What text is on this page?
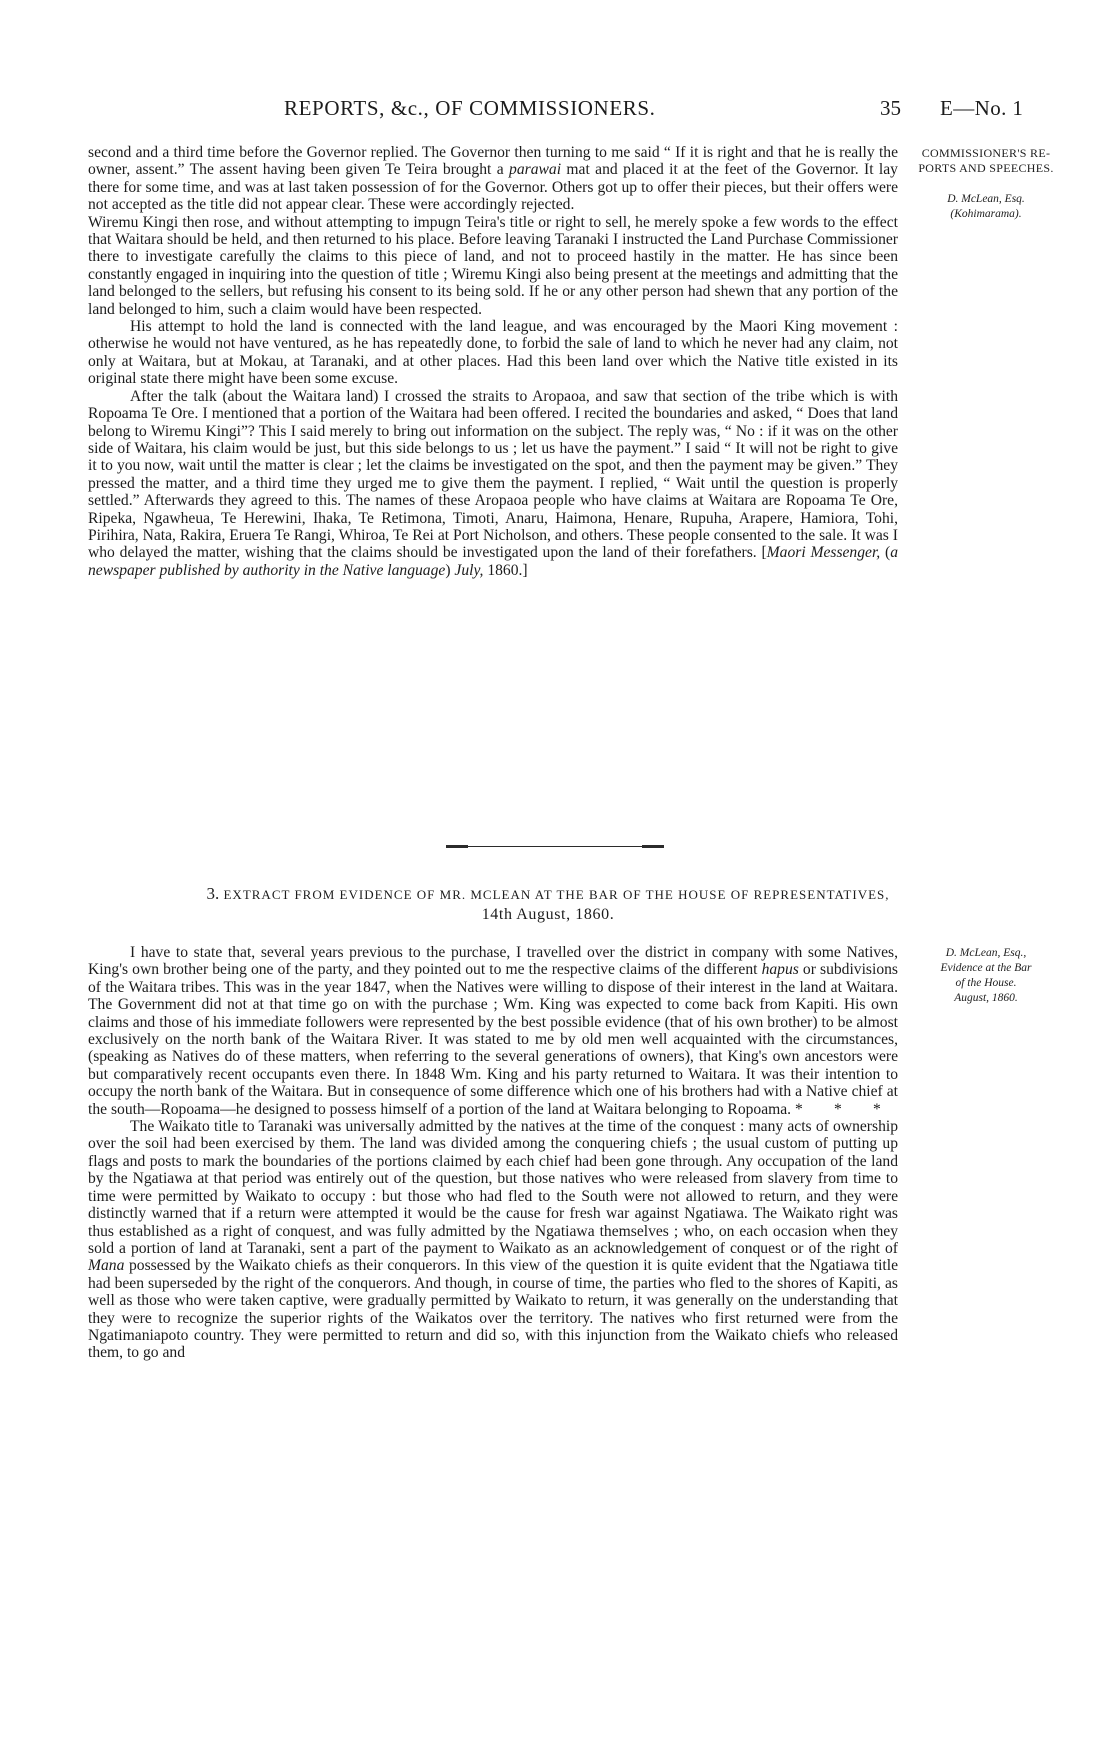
REPORTS, &c., OF COMMISSIONERS.	35 E—No. 1
COMMISSIONER'S RE- PORTS AND SPEECHES.
D. McLean, Esq.
(Kohimarama).

second and a third time before the Governor replied. The Governor then turning to me said “ If it is right and that he is really the owner, assent.” The assent having been given Te Teira brought a parawai mat and placed it at the feet of the Governor. It lay there for some time, and was at last taken possession of for the Governor. Others got up to offer their pieces, but their offers were not accepted as the title did not appear clear. These were accordingly rejected.

Wiremu Kingi then rose, and without attempting to impugn Teira's title or right to sell, he merely spoke a few words to the effect that Waitara should be held, and then returned to his place. Before leaving Taranaki I instructed the Land Purchase Commissioner there to investigate carefully the claims to this piece of land, and not to proceed hastily in the matter. He has since been constantly engaged in inquiring into the question of title ; Wiremu Kingi also being present at the meetings and admitting that the land belonged to the sellers, but refusing his consent to its being sold. If he or any other person had shewn that any portion of the land belonged to him, such a claim would have been respected.

His attempt to hold the land is connected with the land league, and was encouraged by the Maori King movement : otherwise he would not have ventured, as he has repeatedly done, to forbid the sale of land to which he never had any claim, not only at Waitara, but at Mokau, at Taranaki, and at other places. Had this been land over which the Native title existed in its original state there might have been some excuse.

After the talk (about the Waitara land) I crossed the straits to Aropaoa, and saw that section of the tribe which is with Ropoama Te Ore. I mentioned that a portion of the Waitara had been offered. I recited the boundaries and asked, “ Does that land belong to Wiremu Kingi”? This I said merely to bring out information on the subject. The reply was, “ No : if it was on the other side of Waitara, his claim would be just, but this side belongs to us ; let us have the payment.” I said “ It will not be right to give it to you now, wait until the matter is clear ; let the claims be investigated on the spot, and then the payment may be given.” They pressed the matter, and a third time they urged me to give them the payment. I replied, “ Wait until the question is properly settled.” Afterwards they agreed to this. The names of these Aropaoa people who have claims at Waitara are Ropoama Te Ore, Ripeka, Ngawheua, Te Herewini, Ihaka, Te Retimona, Timoti, Anaru, Haimona, Henare, Rupuha, Arapere, Hamiora, Tohi, Pirihira, Nata, Rakira, Eruera Te Rangi, Whiroa, Te Rei at Port Nicholson, and others. These people consented to the sale. It was I who delayed the matter, wishing that the claims should be investigated upon the land of their forefathers. [Maori Messenger, (a newspaper published by authority in the Native language) July, 1860.]

3. EXTRACT FROM EVIDENCE OF MR. MCLEAN AT THE BAR OF THE HOUSE OF REPRESENTATIVES,
14th August, 1860.
D. McLean, Esq.,
Evidence at the Bar
of the House.
August, 1860.

I have to state that, several years previous to the purchase, I travelled over the district in company with some Natives, King's own brother being one of the party, and they pointed out to me the respective claims of the different hapus or subdivisions of the Waitara tribes. This was in the year 1847, when the Natives were willing to dispose of their interest in the land at Waitara. The Government did not at that time go on with the purchase ; Wm. King was expected to come back from Kapiti. His own claims and those of his immediate followers were represented by the best possible evidence (that of his own brother) to be almost exclusively on the north bank of the Waitara River. It was stated to me by old men well acquainted with the circumstances, (speaking as Natives do of these matters, when referring to the several generations of owners), that King's own ancestors were but comparatively recent occupants even there. In 1848 Wm. King and his party returned to Waitara. It was their intention to occupy the north bank of the Waitara. But in consequence of some difference which one of his brothers had with a Native chief at the south—Ropoama—he designed to possess himself of a portion of the land at Waitara belonging to Ropoama. *        *        *

The Waikato title to Taranaki was universally admitted by the natives at the time of the conquest : many acts of ownership over the soil had been exercised by them. The land was divided among the conquering chiefs ; the usual custom of putting up flags and posts to mark the boundaries of the portions claimed by each chief had been gone through. Any occupation of the land by the Ngatiawa at that period was entirely out of the question, but those natives who were released from slavery from time to time were permitted by Waikato to occupy : but those who had fled to the South were not allowed to return, and they were distinctly warned that if a return were attempted it would be the cause for fresh war against Ngatiawa. The Waikato right was thus established as a right of conquest, and was fully admitted by the Ngatiawa themselves ; who, on each occasion when they sold a portion of land at Taranaki, sent a part of the payment to Waikato as an acknowledgement of conquest or of the right of Mana possessed by the Waikato chiefs as their conquerors. In this view of the question it is quite evident that the Ngatiawa title had been superseded by the right of the conquerors. And though, in course of time, the parties who fled to the shores of Kapiti, as well as those who were taken captive, were gradually permitted by Waikato to return, it was generally on the understanding that they were to recognize the superior rights of the Waikatos over the territory. The natives who first returned were from the Ngatimaniapoto country. They were permitted to return and did so, with this injunction from the Waikato chiefs who released them, to go and
